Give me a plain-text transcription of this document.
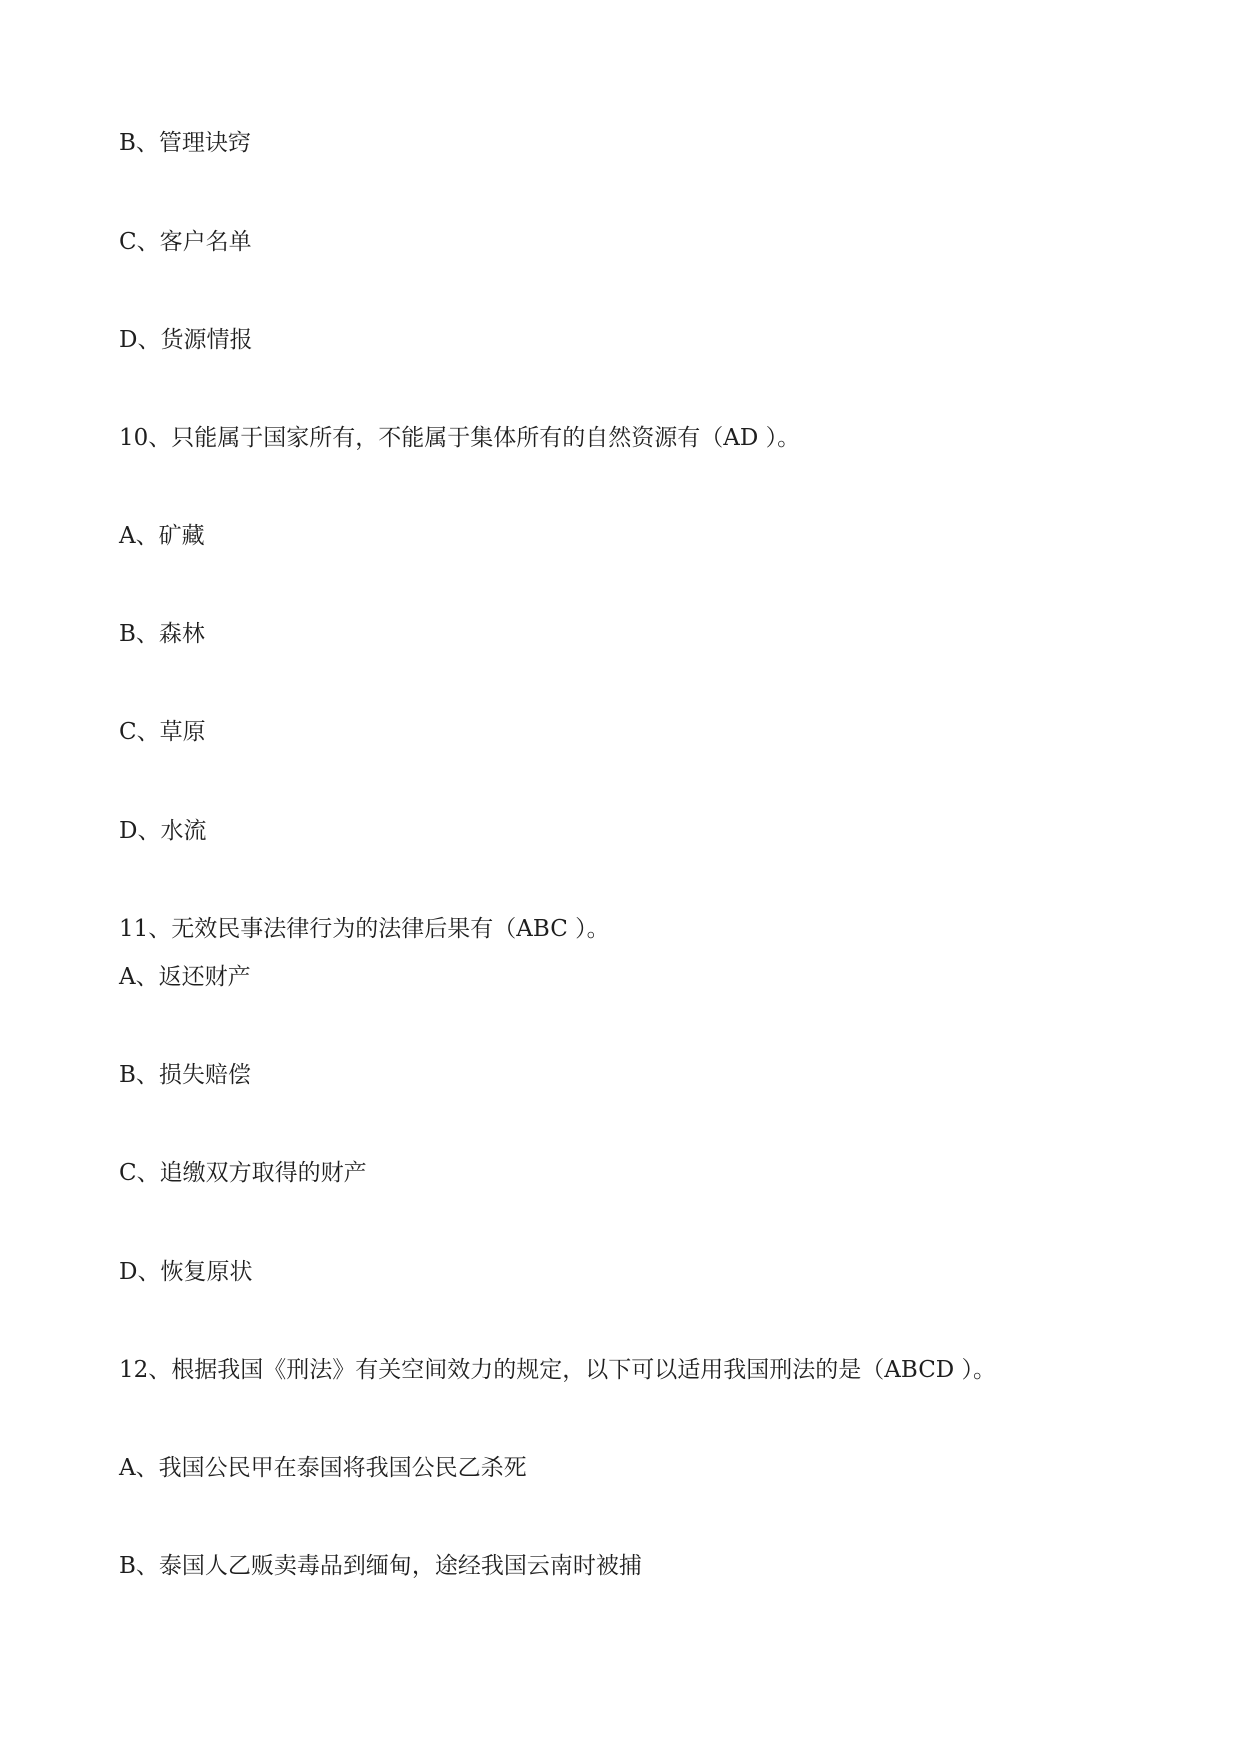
B、管理诀窍
C、客户名单
D、货源情报
10、只能属于国家所有，不能属于集体所有的自然资源有（AD ）。
A、矿藏
B、森林
C、草原
D、水流
11、无效民事法律行为的法律后果有（ABC ）。
A、返还财产
B、损失赔偿
C、追缴双方取得的财产
D、恢复原状
12、根据我国《刑法》有关空间效力的规定，以下可以适用我国刑法的是（ABCD ）。
A、我国公民甲在泰国将我国公民乙杀死
B、泰国人乙贩卖毒品到缅甸，途经我国云南时被捕
